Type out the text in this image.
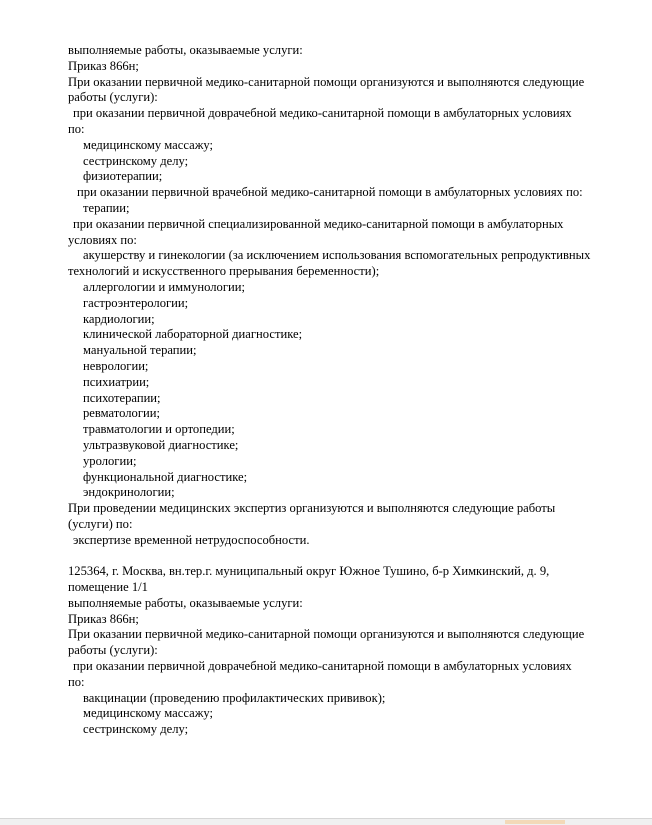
выполняемые работы, оказываемые услуги:
Приказ 866н;
При оказании первичной медико-санитарной помощи организуются и выполняются следующие
работы (услуги):
при оказании первичной доврачебной медико-санитарной помощи в амбулаторных условиях
по:
медицинскому массажу;
сестринскому делу;
физиотерапии;
при оказании первичной врачебной медико-санитарной помощи в амбулаторных условиях по:
терапии;
при оказании первичной специализированной медико-санитарной помощи в амбулаторных
условиях по:
акушерству и гинекологии (за исключением использования вспомогательных репродуктивных
технологий и искусственного прерывания беременности);
аллергологии и иммунологии;
гастроэнтерологии;
кардиологии;
клинической лабораторной диагностике;
мануальной терапии;
неврологии;
психиатрии;
психотерапии;
ревматологии;
травматологии и ортопедии;
ультразвуковой диагностике;
урологии;
функциональной диагностике;
эндокринологии;
При проведении медицинских экспертиз организуются и выполняются следующие работы
(услуги) по:
экспертизе временной нетрудоспособности.
125364, г. Москва, вн.тер.г. муниципальный округ Южное Тушино, б-р Химкинский, д. 9,
помещение 1/1
выполняемые работы, оказываемые услуги:
Приказ 866н;
При оказании первичной медико-санитарной помощи организуются и выполняются следующие
работы (услуги):
при оказании первичной доврачебной медико-санитарной помощи в амбулаторных условиях
по:
вакцинации (проведению профилактических прививок);
медицинскому массажу;
сестринскому делу;
